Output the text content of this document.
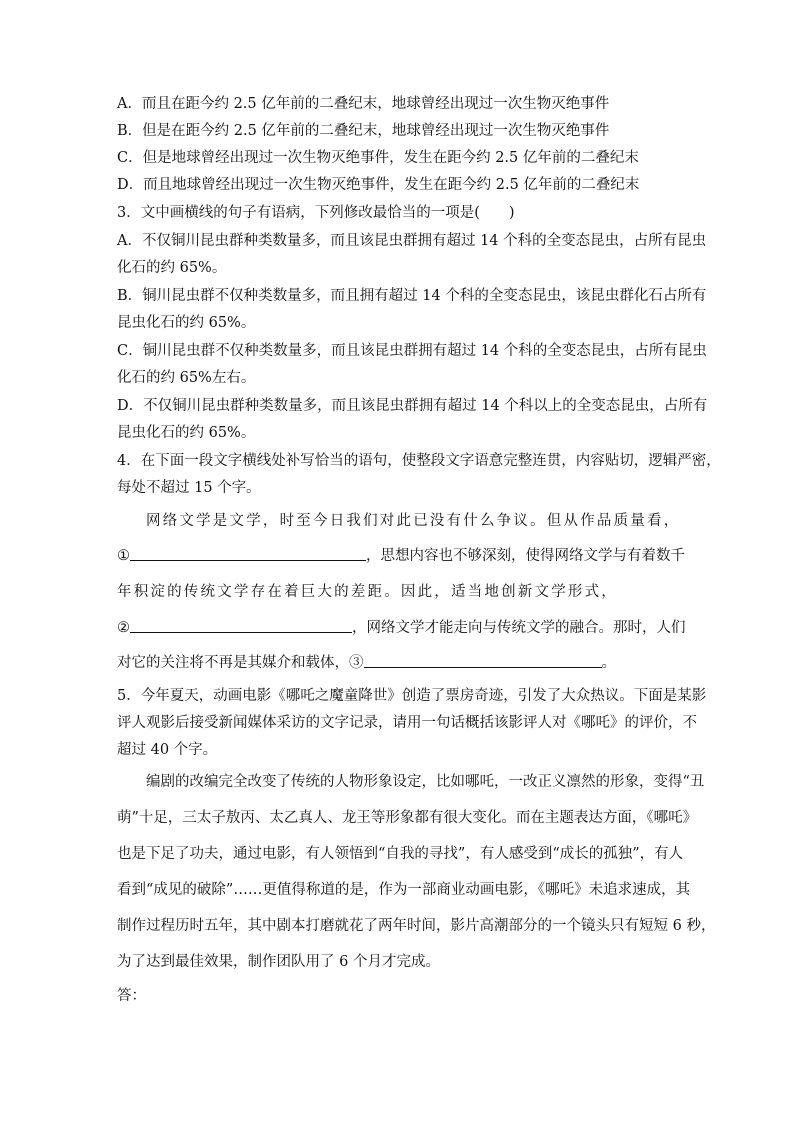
A．而且在距今约 2.5 亿年前的二叠纪末，地球曾经出现过一次生物灭绝事件
B．但是在距今约 2.5 亿年前的二叠纪末，地球曾经出现过一次生物灭绝事件
C．但是地球曾经出现过一次生物灭绝事件，发生在距今约 2.5 亿年前的二叠纪末
D．而且地球曾经出现过一次生物灭绝事件，发生在距今约 2.5 亿年前的二叠纪末
3．文中画横线的句子有语病，下列修改最恰当的一项是(　　)
A．不仅铜川昆虫群种类数量多，而且该昆虫群拥有超过 14 个科的全变态昆虫，占所有昆虫
化石的约 65%。
B．铜川昆虫群不仅种类数量多，而且拥有超过 14 个科的全变态昆虫，该昆虫群化石占所有
昆虫化石的约 65%。
C．铜川昆虫群不仅种类数量多，而且该昆虫群拥有超过 14 个科的全变态昆虫，占所有昆虫
化石的约 65%左右。
D．不仅铜川昆虫群种类数量多，而且该昆虫群拥有超过 14 个科以上的全变态昆虫，占所有
昆虫化石的约 65%。
4．在下面一段文字横线处补写恰当的语句，使整段文字语意完整连贯，内容贴切，逻辑严密，
每处不超过 15 个字。
网络文学是文学，时至今日我们对此已没有什么争议。但从作品质量看，
①	，思想内容也不够深刻，使得网络文学与有着数千
年积淀的传统文学存在着巨大的差距。因此，适当地创新文学形式，
②	，网络文学才能走向与传统文学的融合。那时，人们
对它的关注将不再是其媒介和载体，③	。
5．今年夏天，动画电影《哪吒之魔童降世》创造了票房奇迹，引发了大众热议。下面是某影
评人观影后接受新闻媒体采访的文字记录，请用一句话概括该影评人对《哪吒》的评价，不
超过 40 个字。
编剧的改编完全改变了传统的人物形象设定，比如哪吒，一改正义凛然的形象，变得“丑
萌”十足，三太子敖丙、太乙真人、龙王等形象都有很大变化。而在主题表达方面，《哪吒》
也是下足了功夫，通过电影，有人领悟到“自我的寻找”，有人感受到“成长的孤独”，有人
看到“成见的破除”……更值得称道的是，作为一部商业动画电影，《哪吒》未追求速成，其
制作过程历时五年，其中剧本打磨就花了两年时间，影片高潮部分的一个镜头只有短短 6 秒，
为了达到最佳效果，制作团队用了 6 个月才完成。
答：
